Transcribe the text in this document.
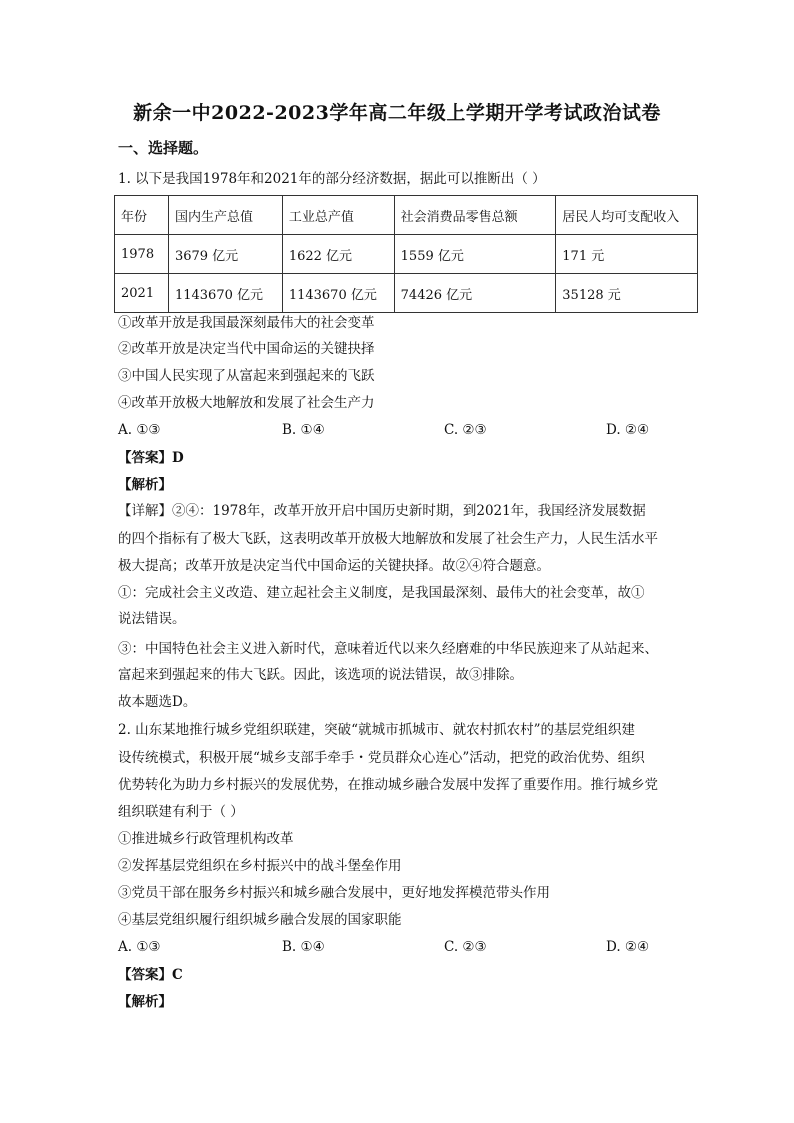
新余一中2022-2023学年高二年级上学期开学考试政治试卷
一、选择题。
1. 以下是我国1978年和2021年的部分经济数据，据此可以推断出（ ）
年份	国内生产总值	工业总产值	社会消费品零售总额	居民人均可支配收入
1978	3679 亿元	1622 亿元	1559 亿元	171 元
2021	1143670 亿元	1143670 亿元	74426 亿元	35128 元
①改革开放是我国最深刻最伟大的社会变革
②改革开放是决定当代中国命运的关键抉择
③中国人民实现了从富起来到强起来的飞跃
④改革开放极大地解放和发展了社会生产力
A. ①③	B. ①④	C. ②③	D. ②④
【答案】D
【解析】
【详解】②④：1978年，改革开放开启中国历史新时期，到2021年，我国经济发展数据
的四个指标有了极大飞跃，这表明改革开放极大地解放和发展了社会生产力，人民生活水平
极大提高；改革开放是决定当代中国命运的关键抉择。故②④符合题意。
①：完成社会主义改造、建立起社会主义制度，是我国最深刻、最伟大的社会变革，故①
说法错误。
③：中国特色社会主义进入新时代，意味着近代以来久经磨难的中华民族迎来了从站起来、
富起来到强起来的伟大飞跃。因此，该选项的说法错误，故③排除。
故本题选D。
2. 山东某地推行城乡党组织联建，突破“就城市抓城市、就农村抓农村”的基层党组织建
设传统模式，积极开展“城乡支部手牵手・党员群众心连心”活动，把党的政治优势、组织
优势转化为助力乡村振兴的发展优势，在推动城乡融合发展中发挥了重要作用。推行城乡党
组织联建有利于（ ）
①推进城乡行政管理机构改革
②发挥基层党组织在乡村振兴中的战斗堡垒作用
③党员干部在服务乡村振兴和城乡融合发展中，更好地发挥模范带头作用
④基层党组织履行组织城乡融合发展的国家职能
A. ①③	B. ①④	C. ②③	D. ②④
【答案】C
【解析】
